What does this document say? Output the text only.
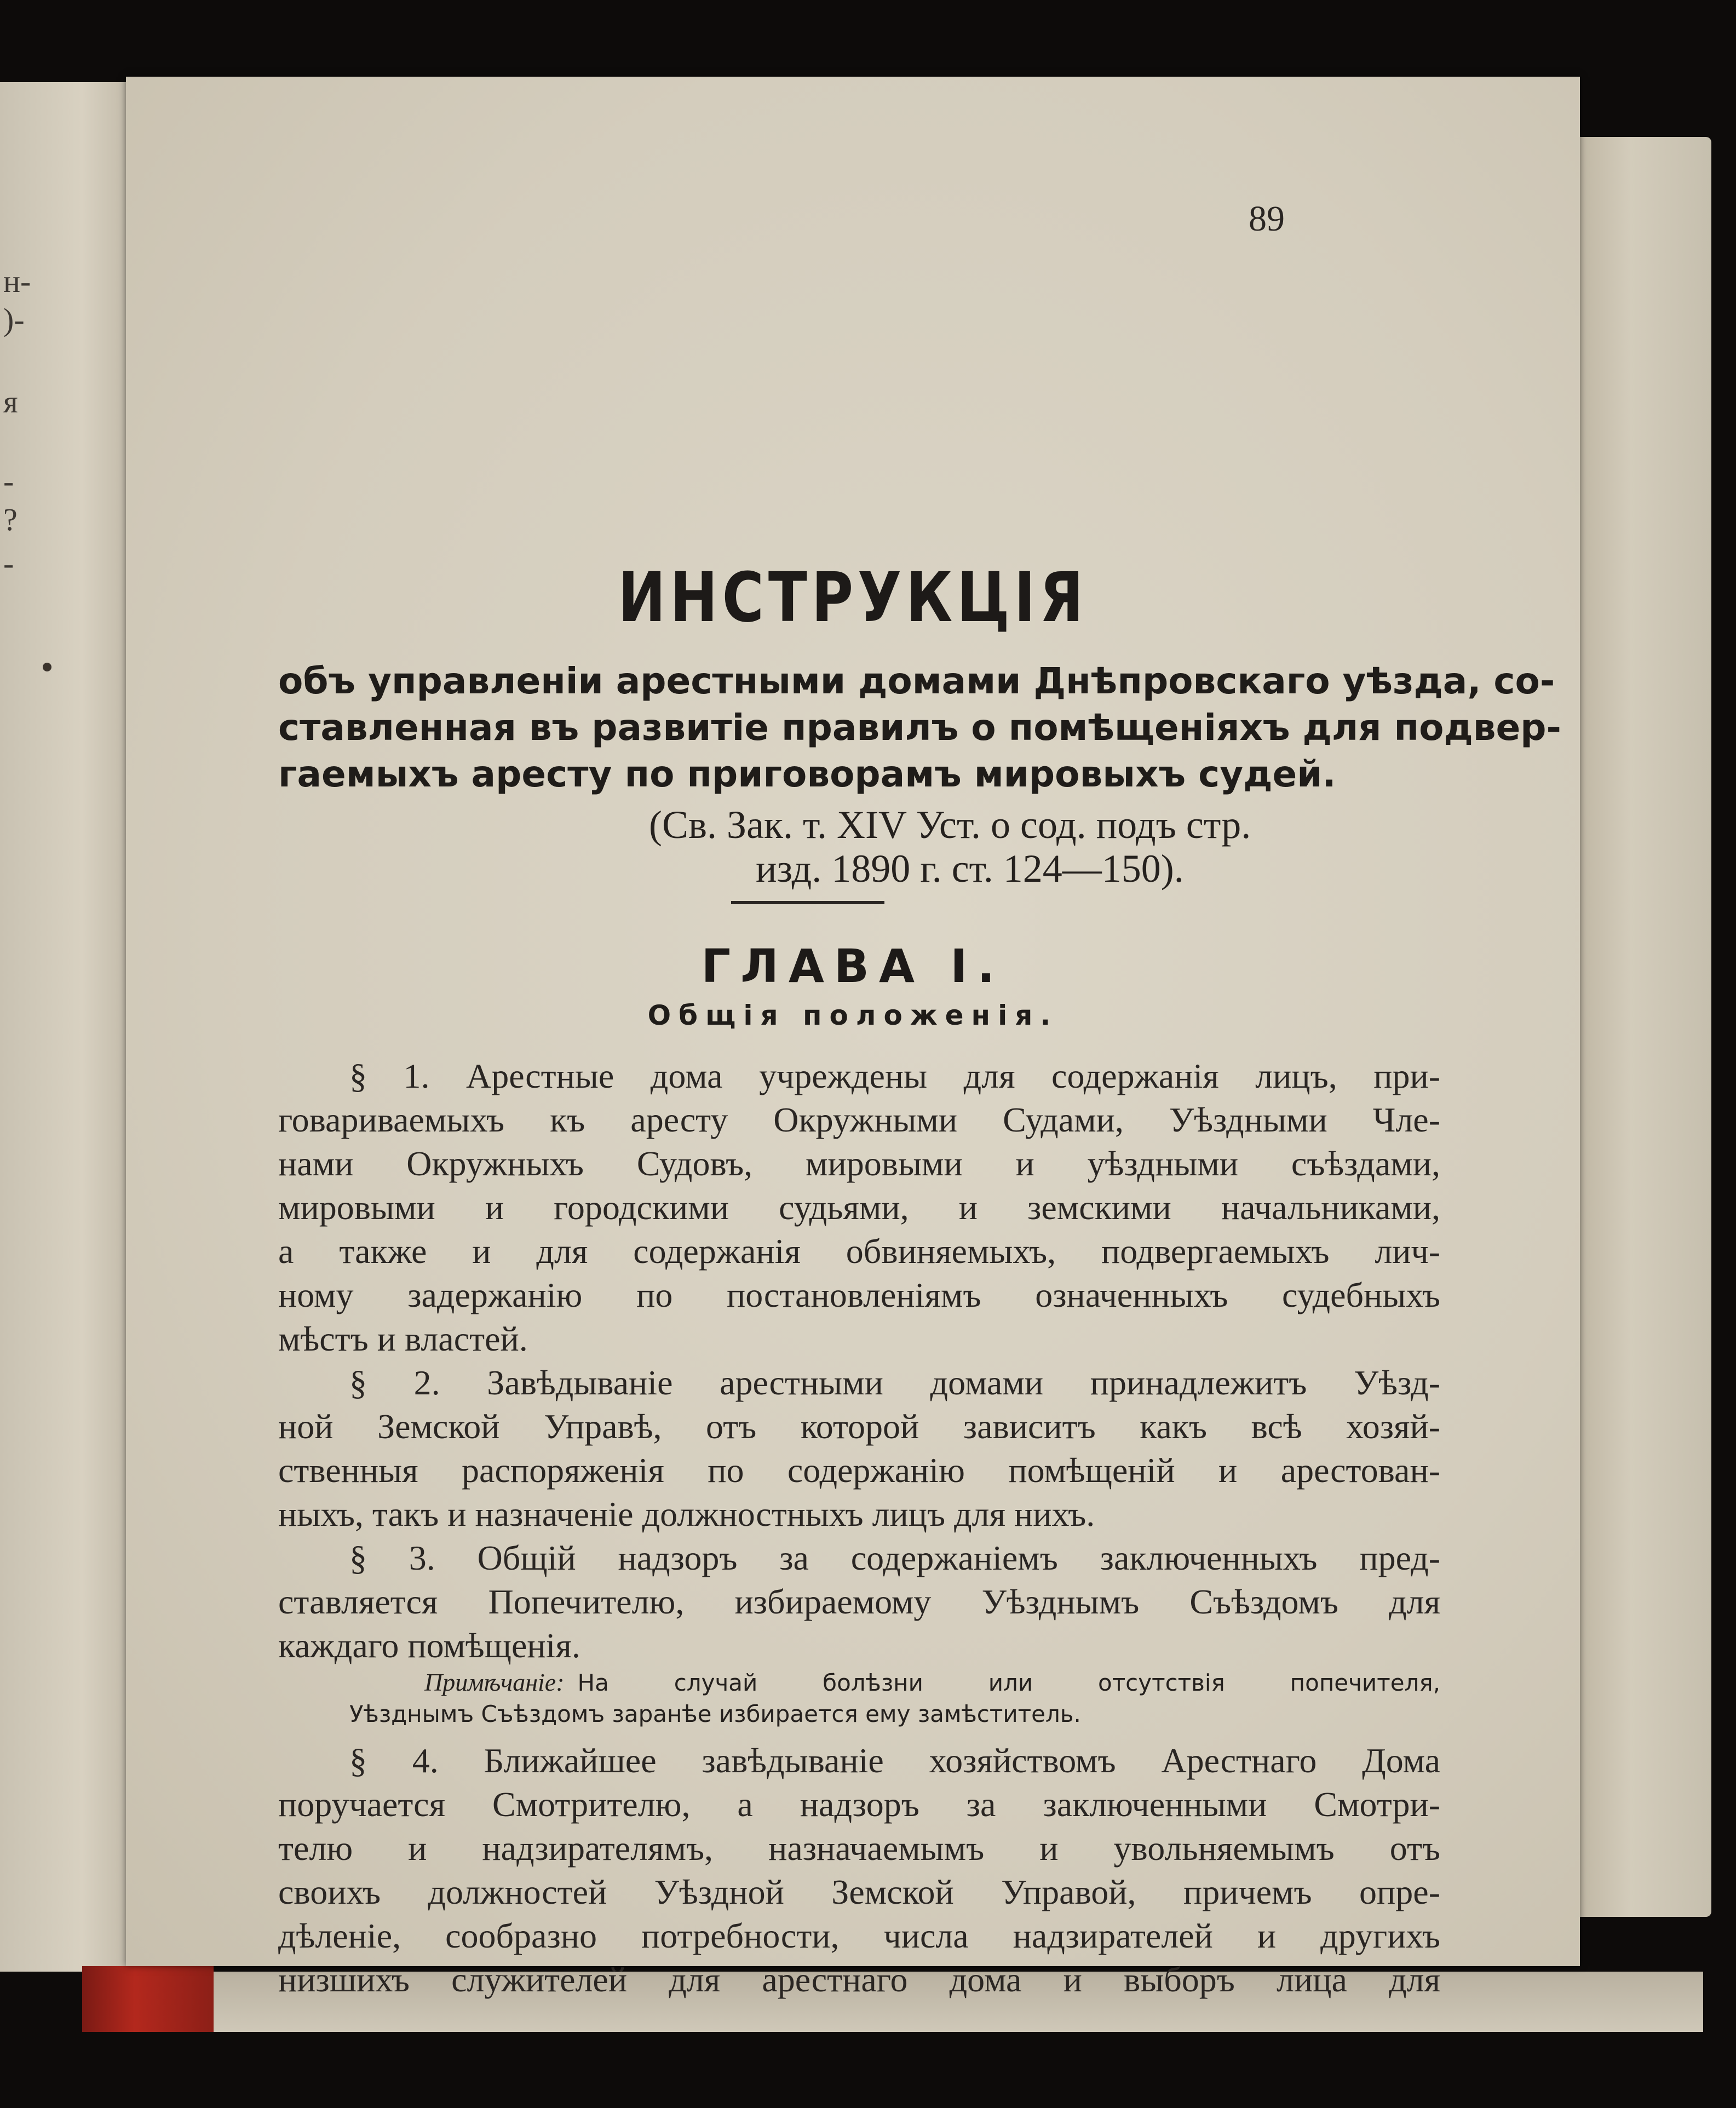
н-
)-
я
-
?
-
89
ИНСТРУКЦІЯ
объ управленіи арестными домами Днѣпровскаго уѣзда, со-
ставленная въ развитіе правилъ о помѣщеніяхъ для подвер-
гаемыхъ аресту по приговорамъ мировыхъ судей.
(Св. Зак. т. XIV Уст. о сод. подъ стр.
изд. 1890 г. ст. 124—150).
ГЛАВА I.
Общія положенія.
§ 1. Арестные дома учреждены для содержанія лицъ, при-
говариваемыхъ къ аресту Окружными Судами, Уѣздными Чле-
нами Окружныхъ Судовъ, мировыми и уѣздными съѣздами,
мировыми и городскими судьями, и земскими начальниками,
а также и для содержанія обвиняемыхъ, подвергаемыхъ лич-
ному задержанію по постановленіямъ означенныхъ судебныхъ
мѣстъ и властей.
§ 2. Завѣдываніе арестными домами принадлежитъ Уѣзд-
ной Земской Управѣ, отъ которой зависитъ какъ всѣ хозяй-
ственныя распоряженія по содержанію помѣщеній и арестован-
ныхъ, такъ и назначеніе должностныхъ лицъ для нихъ.
§ 3. Общій надзоръ за содержаніемъ заключенныхъ пред-
ставляется Попечителю, избираемому Уѣзднымъ Съѣздомъ для
каждаго помѣщенія.
Примѣчаніе: На случай болѣзни или отсутствія попечителя,
Уѣзднымъ Съѣздомъ заранѣе избирается ему замѣститель.
§ 4. Ближайшее завѣдываніе хозяйствомъ Арестнаго Дома
поручается Смотрителю, а надзоръ за заключенными Смотри-
телю и надзирателямъ, назначаемымъ и увольняемымъ отъ
своихъ должностей Уѣздной Земской Управой, причемъ опре-
дѣленіе, сообразно потребности, числа надзирателей и другихъ
низшихъ служителей для арестнаго дома и выборъ лица для
